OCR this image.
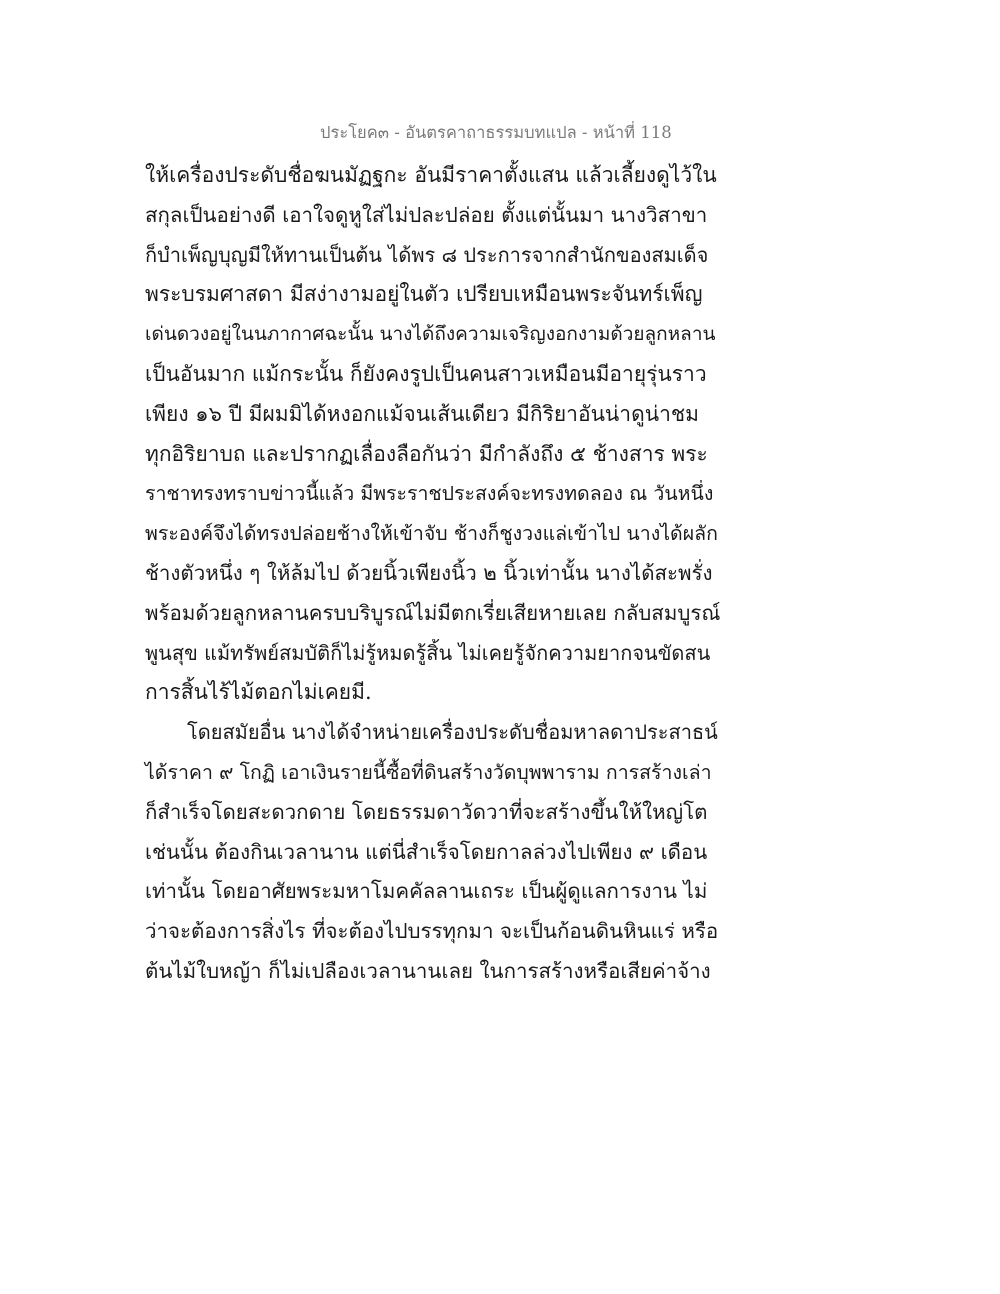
ประโยค๓ - อันตรคาถาธรรมบทแปล - หน้าที่ 118
ให้เครื่องประดับชื่อฆนมัฏฐกะ อันมีราคาตั้งแสน แล้วเลี้ยงดูไว้ใน
สกุลเป็นอย่างดี เอาใจดูหูใส่ไม่ปละปล่อย ตั้งแต่นั้นมา นางวิสาขา
ก็บำเพ็ญบุญมีให้ทานเป็นต้น ได้พร ๘ ประการจากสำนักของสมเด็จ
พระบรมศาสดา มีสง่างามอยู่ในตัว เปรียบเหมือนพระจันทร์เพ็ญ
เด่นดวงอยู่ในนภากาศฉะนั้น นางได้ถึงความเจริญงอกงามด้วยลูกหลาน
เป็นอันมาก แม้กระนั้น ก็ยังคงรูปเป็นคนสาวเหมือนมีอายุรุ่นราว
เพียง ๑๖ ปี มีผมมิได้หงอกแม้จนเส้นเดียว มีกิริยาอันน่าดูน่าชม
ทุกอิริยาบถ และปรากฏเลื่องลือกันว่า มีกำลังถึง ๕ ช้างสาร พระ
ราชาทรงทราบข่าวนี้แล้ว มีพระราชประสงค์จะทรงทดลอง ณ วันหนึ่ง
พระองค์จึงได้ทรงปล่อยช้างให้เข้าจับ ช้างก็ชูงวงแล่เข้าไป นางได้ผลัก
ช้างตัวหนึ่ง ๆ ให้ล้มไป ด้วยนิ้วเพียงนิ้ว ๒ นิ้วเท่านั้น นางได้สะพรั่ง
พร้อมด้วยลูกหลานครบบริบูรณ์ไม่มีตกเรี่ยเสียหายเลย กลับสมบูรณ์
พูนสุข แม้ทรัพย์สมบัติก็ไม่รู้หมดรู้สิ้น ไม่เคยรู้จักความยากจนขัดสน
การสิ้นไร้ไม้ตอกไม่เคยมี.
โดยสมัยอื่น นางได้จำหน่ายเครื่องประดับชื่อมหาลดาประสาธน์
ได้ราคา ๙ โกฏิ เอาเงินรายนี้ซื้อที่ดินสร้างวัดบุพพาราม การสร้างเล่า
ก็สำเร็จโดยสะดวกดาย โดยธรรมดาวัดวาที่จะสร้างขึ้นให้ใหญ่โต
เช่นนั้น ต้องกินเวลานาน แต่นี่สำเร็จโดยกาลล่วงไปเพียง ๙ เดือน
เท่านั้น โดยอาศัยพระมหาโมคคัลลานเถระ เป็นผู้ดูแลการงาน ไม่
ว่าจะต้องการสิ่งไร ที่จะต้องไปบรรทุกมา จะเป็นก้อนดินหินแร่ หรือ
ต้นไม้ใบหญ้า ก็ไม่เปลืองเวลานานเลย ในการสร้างหรือเสียค่าจ้าง
